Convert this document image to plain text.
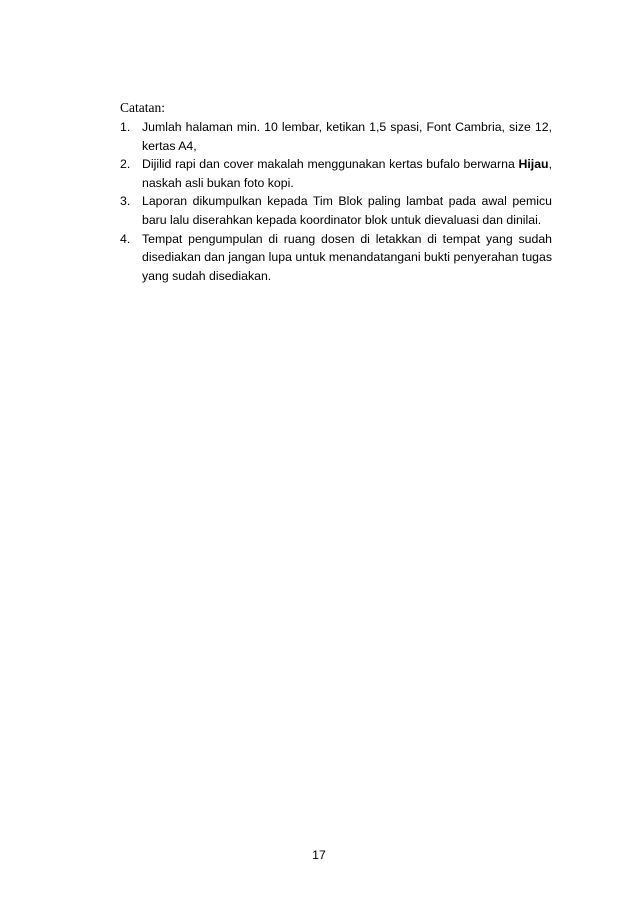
Catatan:
1. Jumlah halaman min. 10 lembar, ketikan 1,5 spasi, Font Cambria, size 12, kertas A4,
2. Dijilid rapi dan cover makalah menggunakan kertas bufalo berwarna Hijau, naskah asli bukan foto kopi.
3. Laporan dikumpulkan kepada Tim Blok paling lambat pada awal pemicu baru lalu diserahkan kepada koordinator blok untuk dievaluasi dan dinilai.
4. Tempat pengumpulan di ruang dosen di letakkan di tempat yang sudah disediakan dan jangan lupa untuk menandatangani bukti penyerahan tugas yang sudah disediakan.
17
